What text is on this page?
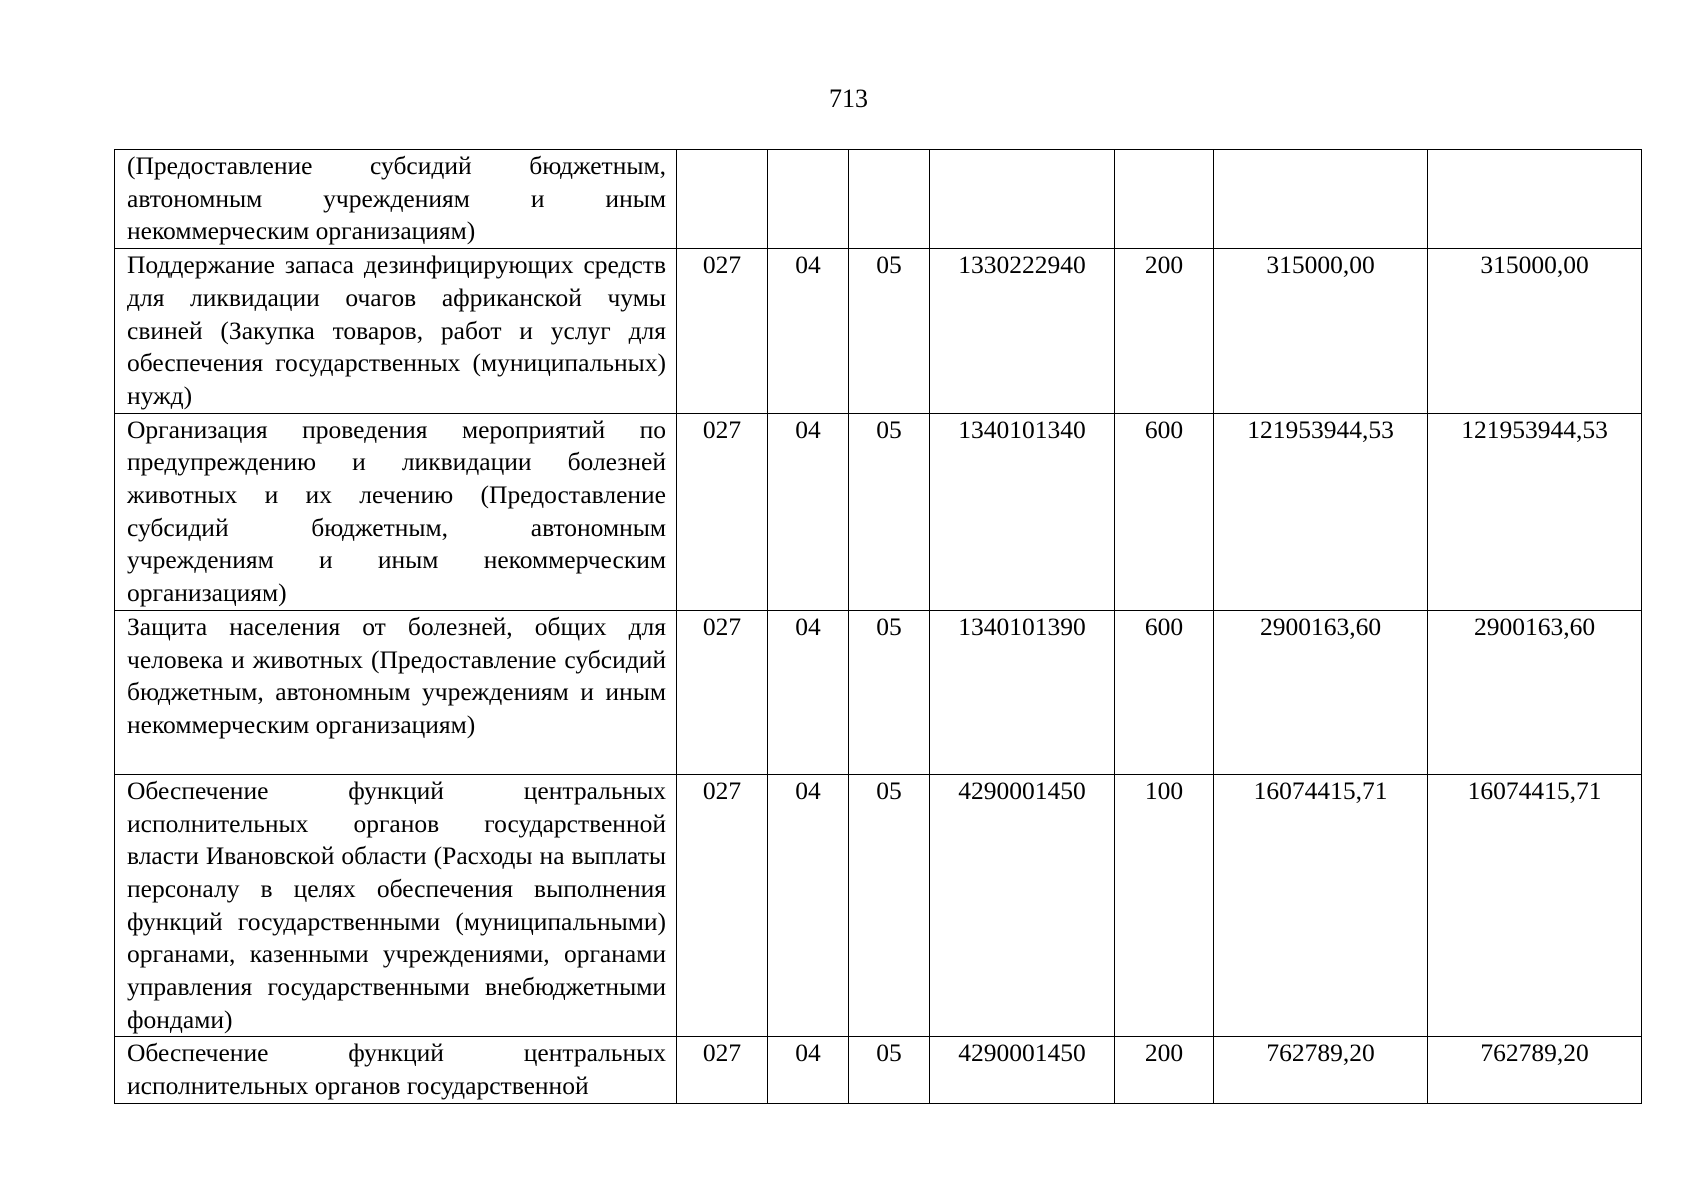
713
(Предоставление субсидий бюджетным, автономным учреждениям и иным некоммерческим организациям)							
Поддержание запаса дезинфицирующих средств для ликвидации очагов африканской чумы свиней (Закупка товаров, работ и услуг для обеспечения государственных (муниципальных) нужд)	027	04	05	1330222940	200	315000,00	315000,00
Организация проведения мероприятий по предупреждению и ликвидации болезней животных и их лечению (Предоставление субсидий бюджетным, автономным учреждениям и иным некоммерческим организациям)	027	04	05	1340101340	600	121953944,53	121953944,53
Защита населения от болезней, общих для человека и животных (Предоставление субсидий бюджетным, автономным учреждениям и иным некоммерческим организациям)	027	04	05	1340101390	600	2900163,60	2900163,60
Обеспечение функций центральных исполнительных органов государственной власти Ивановской области (Расходы на выплаты персоналу в целях обеспечения выполнения функций государственными (муниципальными) органами, казенными учреждениями, органами управления государственными внебюджетными фондами)	027	04	05	4290001450	100	16074415,71	16074415,71
Обеспечение функций центральных исполнительных органов государственной	027	04	05	4290001450	200	762789,20	762789,20
